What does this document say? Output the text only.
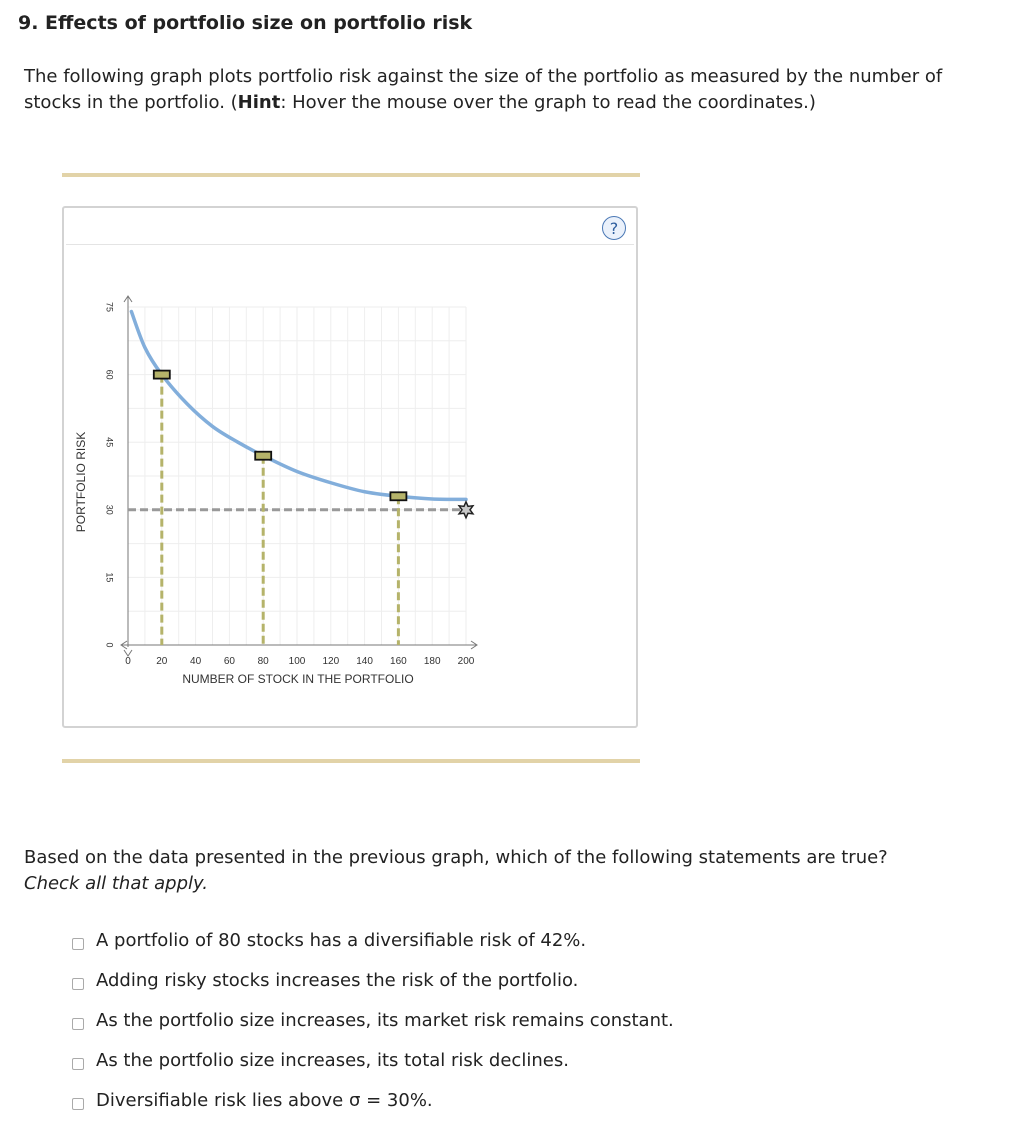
9. Effects of portfolio size on portfolio risk

The following graph plots portfolio risk against the size of the portfolio as measured by the number of stocks in the portfolio. (Hint: Hover the mouse over the graph to read the coordinates.)

?
0	20 40 60 80 100 120 140 160 180 200
0
15
30
45
60
75
PORTFOLIO RISK
NUMBER OF STOCK IN THE PORTFOLIO

Based on the data presented in the previous graph, which of the following statements are true? Check all that apply.

A portfolio of 80 stocks has a diversifiable risk of 42%.
Adding risky stocks increases the risk of the portfolio.
As the portfolio size increases, its market risk remains constant.
As the portfolio size increases, its total risk declines.
Diversifiable risk lies above σ = 30%.
